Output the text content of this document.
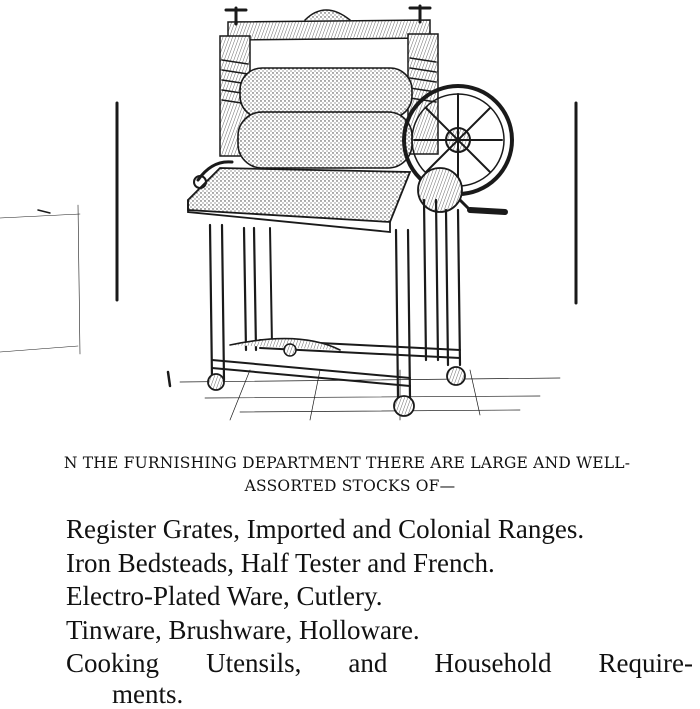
N THE FURNISHING DEPARTMENT THERE ARE LARGE AND WELL-
ASSORTED STOCKS OF—
Register Grates, Imported and Colonial Ranges.
Iron Bedsteads, Half Tester and French.
Electro-Plated Ware, Cutlery.
Tinware, Brushware, Holloware.
Cooking Utensils, and Household Require-
ments.
